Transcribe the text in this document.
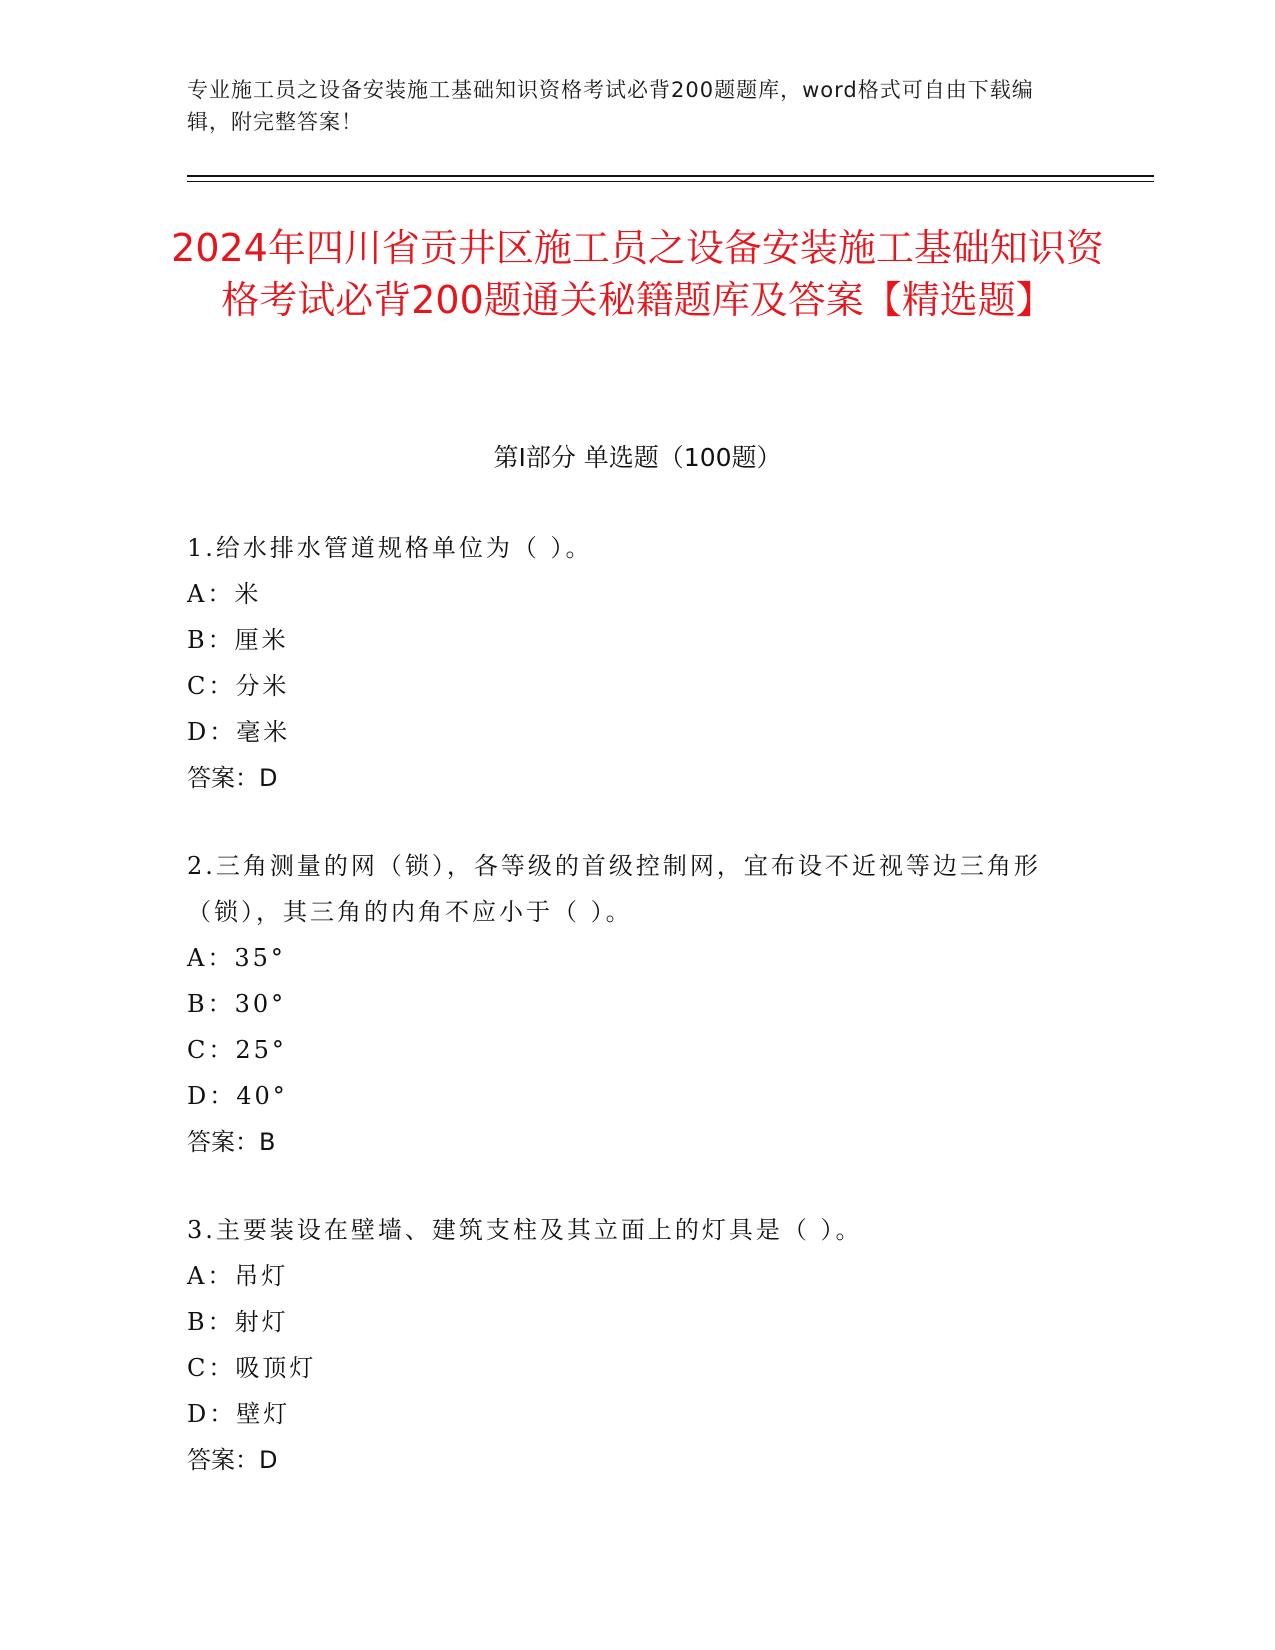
专业施工员之设备安装施工基础知识资格考试必背200题题库，word格式可自由下载编辑，附完整答案！

2024年四川省贡井区施工员之设备安装施工基础知识资格考试必背200题通关秘籍题库及答案【精选题】
第Ⅰ部分 单选题（100题）

1.给水排水管道规格单位为（ ）。

A：米

B：厘米

C：分米

D：毫米

答案：D

2.三角测量的网（锁），各等级的首级控制网，宜布设不近视等边三角形（锁），其三角的内角不应小于（ ）。

A：35°

B：30°

C：25°

D：40°

答案：B

3.主要装设在壁墙、建筑支柱及其立面上的灯具是（ ）。

A：吊灯

B：射灯

C：吸顶灯

D：壁灯

答案：D
